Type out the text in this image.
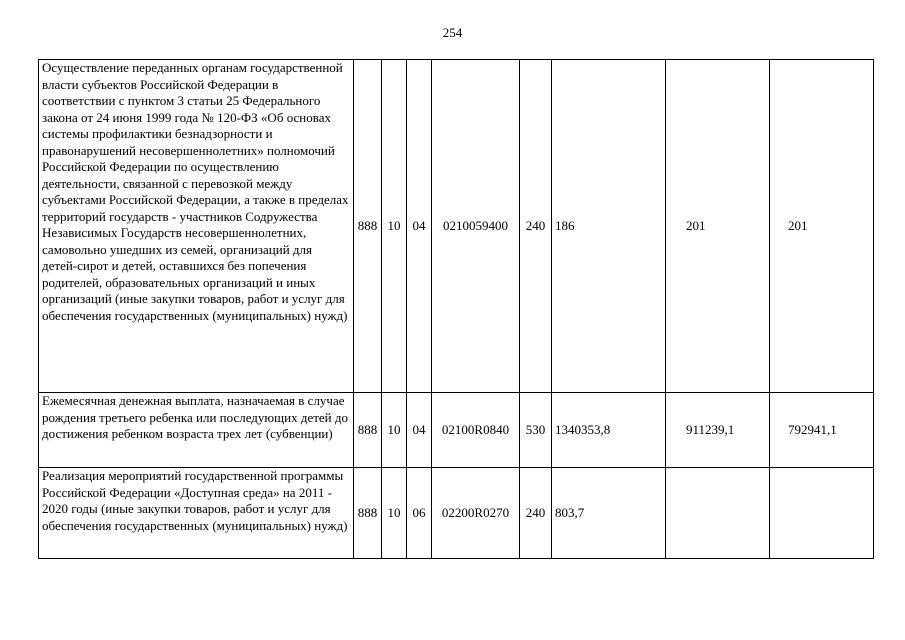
254
Осуществление переданных органам государственной власти субъектов Российской Федерации в соответствии с пунктом 3 статьи 25 Федерального закона от 24 июня 1999 года № 120-ФЗ «Об основах системы профилактики безнадзорности и правонарушений несовершеннолетних» полномочий Российской Федерации по осуществлению деятельности, связанной с перевозкой между субъектами Российской Федерации, а также в пределах территорий государств - участников Содружества Независимых Государств несовершеннолетних, самовольно ушедших из семей, организаций для детей-сирот и детей, оставшихся без попечения родителей, образовательных организаций и иных организаций (иные закупки товаров, работ и услуг для обеспечения государственных (муниципальных) нужд)	888	10	04	0210059400	240	186	201	201
Ежемесячная денежная выплата, назначаемая в случае рождения третьего ребенка или последующих детей до достижения ребенком возраста трех лет (субвенции)	888	10	04	02100R0840	530	1340353,8	911239,1	792941,1
Реализация мероприятий государственной программы Российской Федерации «Доступная среда» на 2011 - 2020 годы (иные закупки товаров, работ и услуг для обеспечения государственных (муниципальных) нужд)	888	10	06	02200R0270	240	803,7		
